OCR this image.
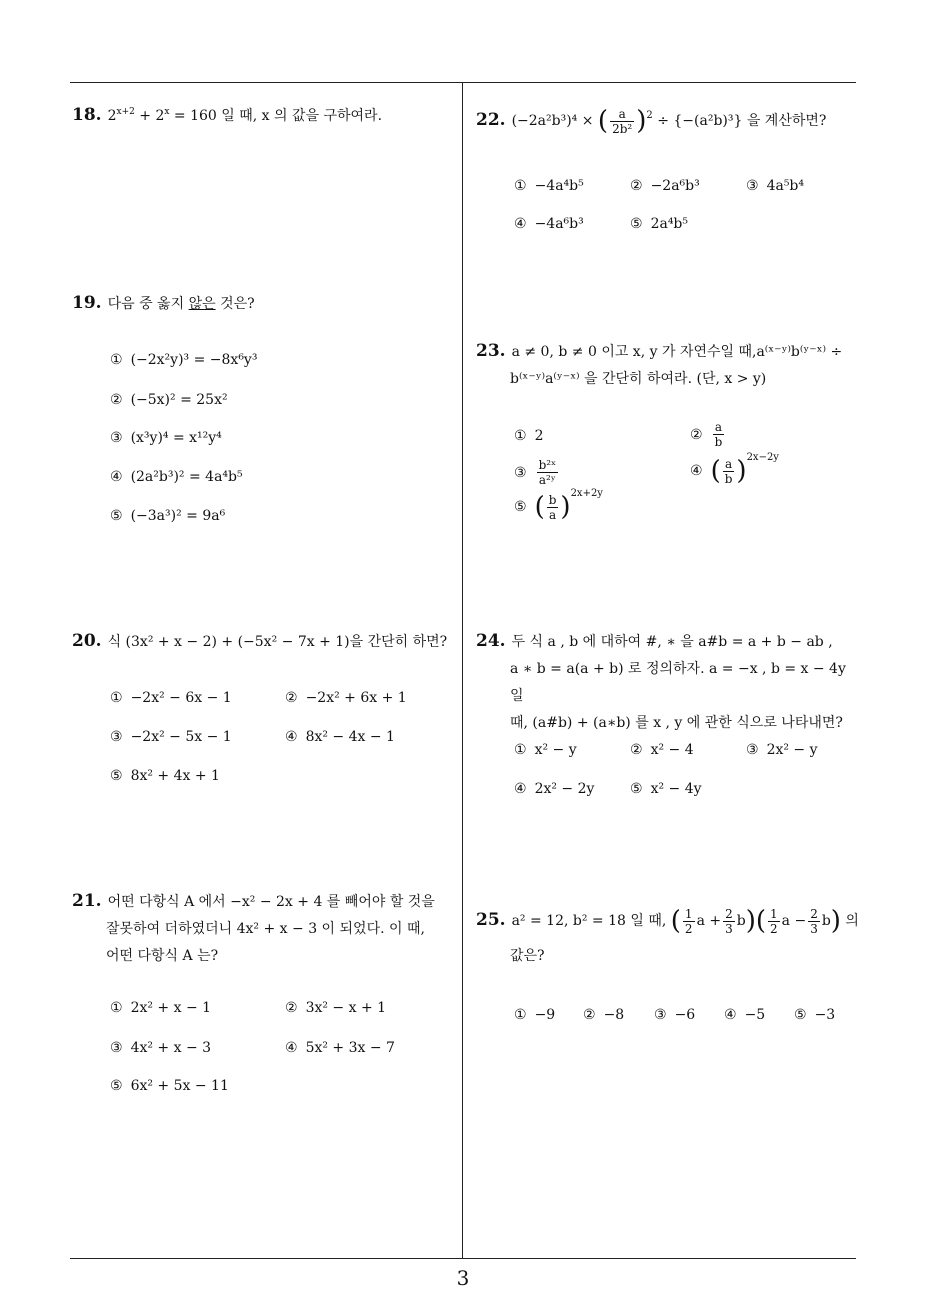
18. $2^{x+2} + 2^x = 160$ 일 때, x 의 값을 구하여라.
19. 다음 중 옳지 않은 것은?
① (−2x²y)³ = −8x⁶y³
② (−5x)² = 25x²
③ (x³y)⁴ = x¹²y⁴
④ (2a²b³)² = 4a⁴b⁵
⑤ (−3a³)² = 9a⁶
20. 식 (3x² + x − 2) + (−5x² − 7x + 1)을 간단히 하면?
① −2x² − 6x − 1	② −2x² + 6x + 1
③ −2x² − 5x − 1	④ 8x² − 4x − 1
⑤ 8x² + 4x + 1
21. 어떤 다항식 A 에서 −x² − 2x + 4 를 빼어야 할 것을
잘못하여 더하였더니 4x² + x − 3 이 되었다. 이 때,
어떤 다항식 A 는?
① 2x² + x − 1	② 3x² − x + 1
③ 4x² + x − 3	④ 5x² + 3x − 7
⑤ 6x² + 5x − 11
22. (−2a²b³)⁴ × ( $\frac{a}{\text{2b²}} )^2 \div \{-(a^2b)^3\}$ 을 계산하면?
① −4a⁴b⁵	② −2a⁶b³	③ 4a⁵b⁴
④ −4a⁶b³	⑤ 2a⁴b⁵
23. a ≠ 0, b ≠ 0 이고 x, y 가 자연수일 때,a⁽ˣ⁻ʸ⁾b⁽ʸ⁻ˣ⁾ ÷
b⁽ˣ⁻ʸ⁾a⁽ʸ⁻ˣ⁾ 을 간단히 하여라. (단, x > y)
① 2	② $\frac{a}{b}$
③ $\frac{\text{b²ˣ}}{\text{a²ʸ}}$	④ ( $\frac{a}{b} )^{2x-2y}$
⑤ ( $\frac{b}{a} )^{2x+2y}$
24. 두 식 a , b 에 대하여 #, ∗ 을 a#b = a + b − ab ,
a ∗ b = a(a + b) 로 정의하자. a = −x , b = x − 4y 일
때, (a#b) + (a∗b) 를 x , y 에 관한 식으로 나타내면?
① x² − y	② x² − 4	③ 2x² − y
④ 2x² − 2y	⑤ x² − 4y
25. a² = 12, b² = 18 일 때, ( $\frac{1}{2}$ $a + \frac{2}{3} b)( \frac{1}{2}$ $a - \frac{2}{3} b$) 의
값은?
① −9 ② −8 ③ −6 ④ −5 ⑤ −3
3
